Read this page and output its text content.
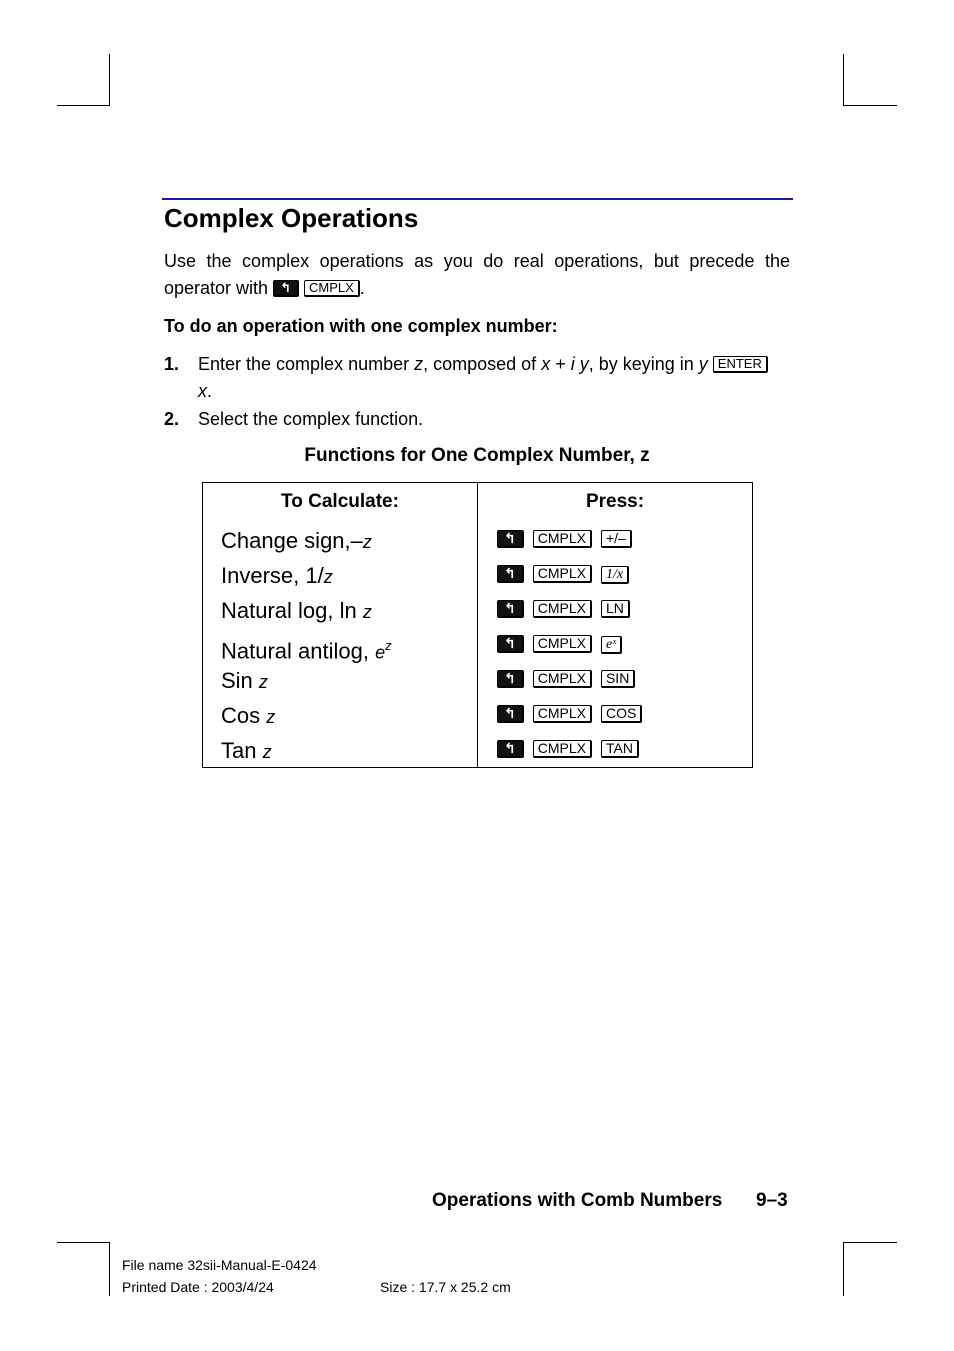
Complex Operations
Use the complex operations as you do real operations, but precede the operator with ↰ CMPLX .
To do an operation with one complex number:
1. Enter the complex number z, composed of x + i y, by keying in y ENTER
x.
2. Select the complex function.
Functions for One Complex Number, z
To Calculate:	Press:
Change sign,–z	↰ CMPLX +/–
Inverse, 1/z	↰ CMPLX 1/x
Natural log, ln z	↰ CMPLX LN
Natural antilog, $e^z$	↰ CMPLX eˣ
Sin z	↰ CMPLX SIN
Cos z	↰ CMPLX COS
Tan z	↰ CMPLX TAN
Operations with Comb Numbers 9–3
File name 32sii-Manual-E-0424
Printed Date : 2003/4/24	Size : 17.7 x 25.2 cm
